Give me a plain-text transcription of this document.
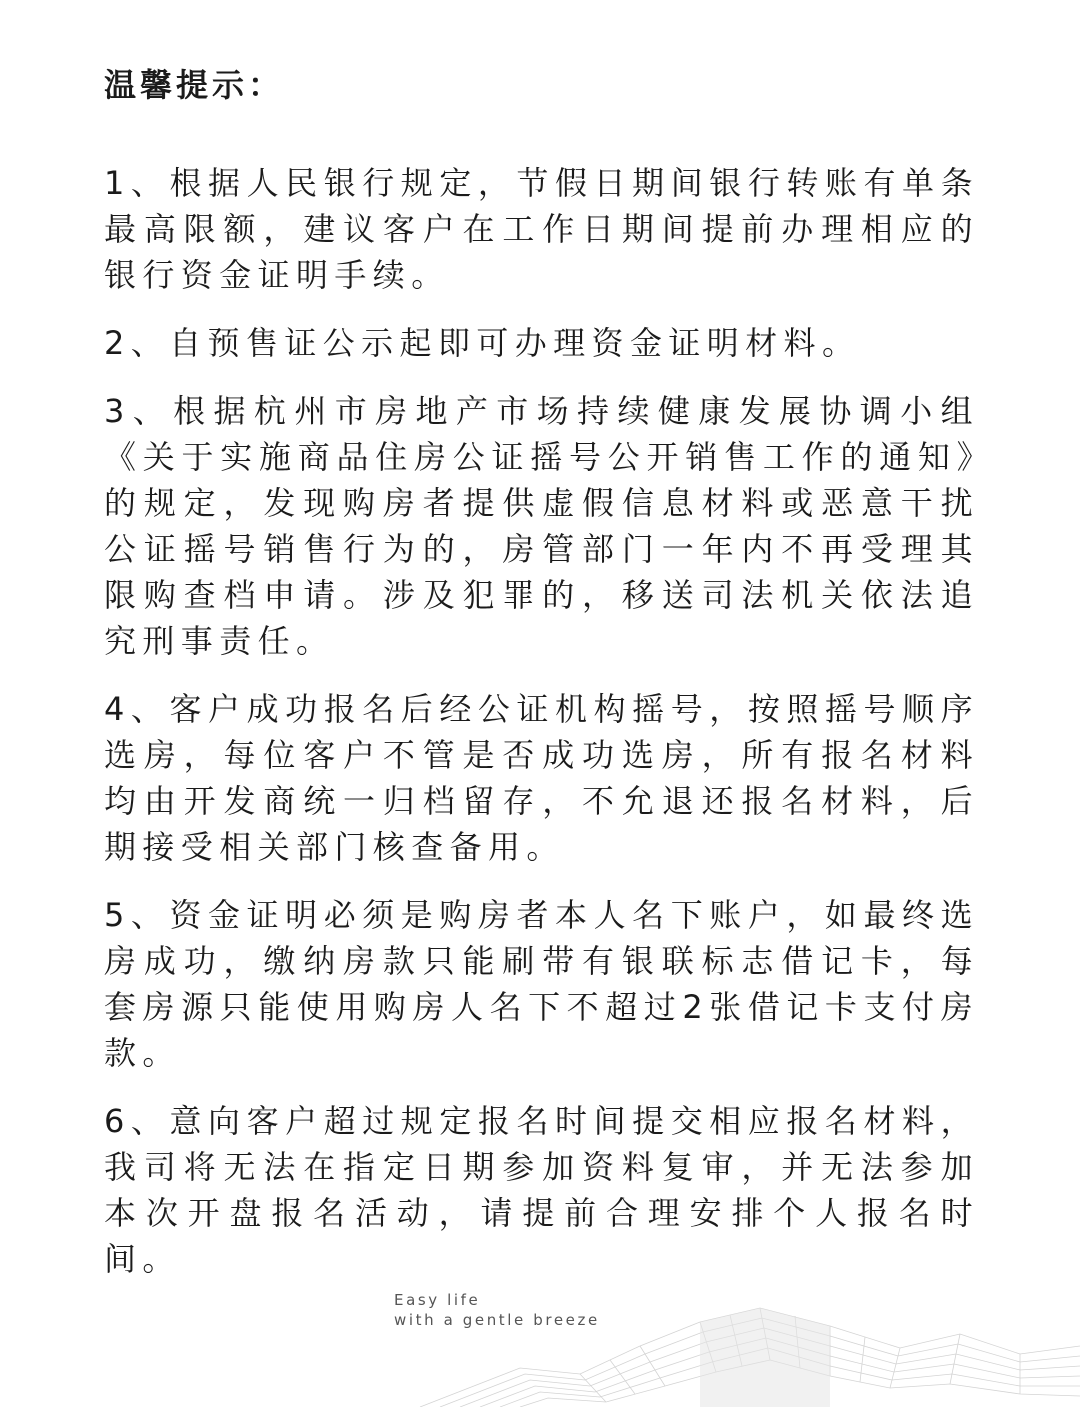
温馨提示：

1、根据人民银行规定，节假日期间银行转账有单条最高限额，建议客户在工作日期间提前办理相应的银行资金证明手续。

2、自预售证公示起即可办理资金证明材料。

3、根据杭州市房地产市场持续健康发展协调小组《关于实施商品住房公证摇号公开销售工作的通知》的规定，发现购房者提供虚假信息材料或恶意干扰公证摇号销售行为的，房管部门一年内不再受理其限购查档申请。涉及犯罪的，移送司法机关依法追究刑事责任。

4、客户成功报名后经公证机构摇号，按照摇号顺序选房，每位客户不管是否成功选房，所有报名材料均由开发商统一归档留存，不允退还报名材料，后期接受相关部门核查备用。

5、资金证明必须是购房者本人名下账户，如最终选房成功，缴纳房款只能刷带有银联标志借记卡，每套房源只能使用购房人名下不超过2张借记卡支付房款。

6、意向客户超过规定报名时间提交相应报名材料，我司将无法在指定日期参加资料复审，并无法参加本次开盘报名活动，请提前合理安排个人报名时间。

Easy life
with a gentle breeze
